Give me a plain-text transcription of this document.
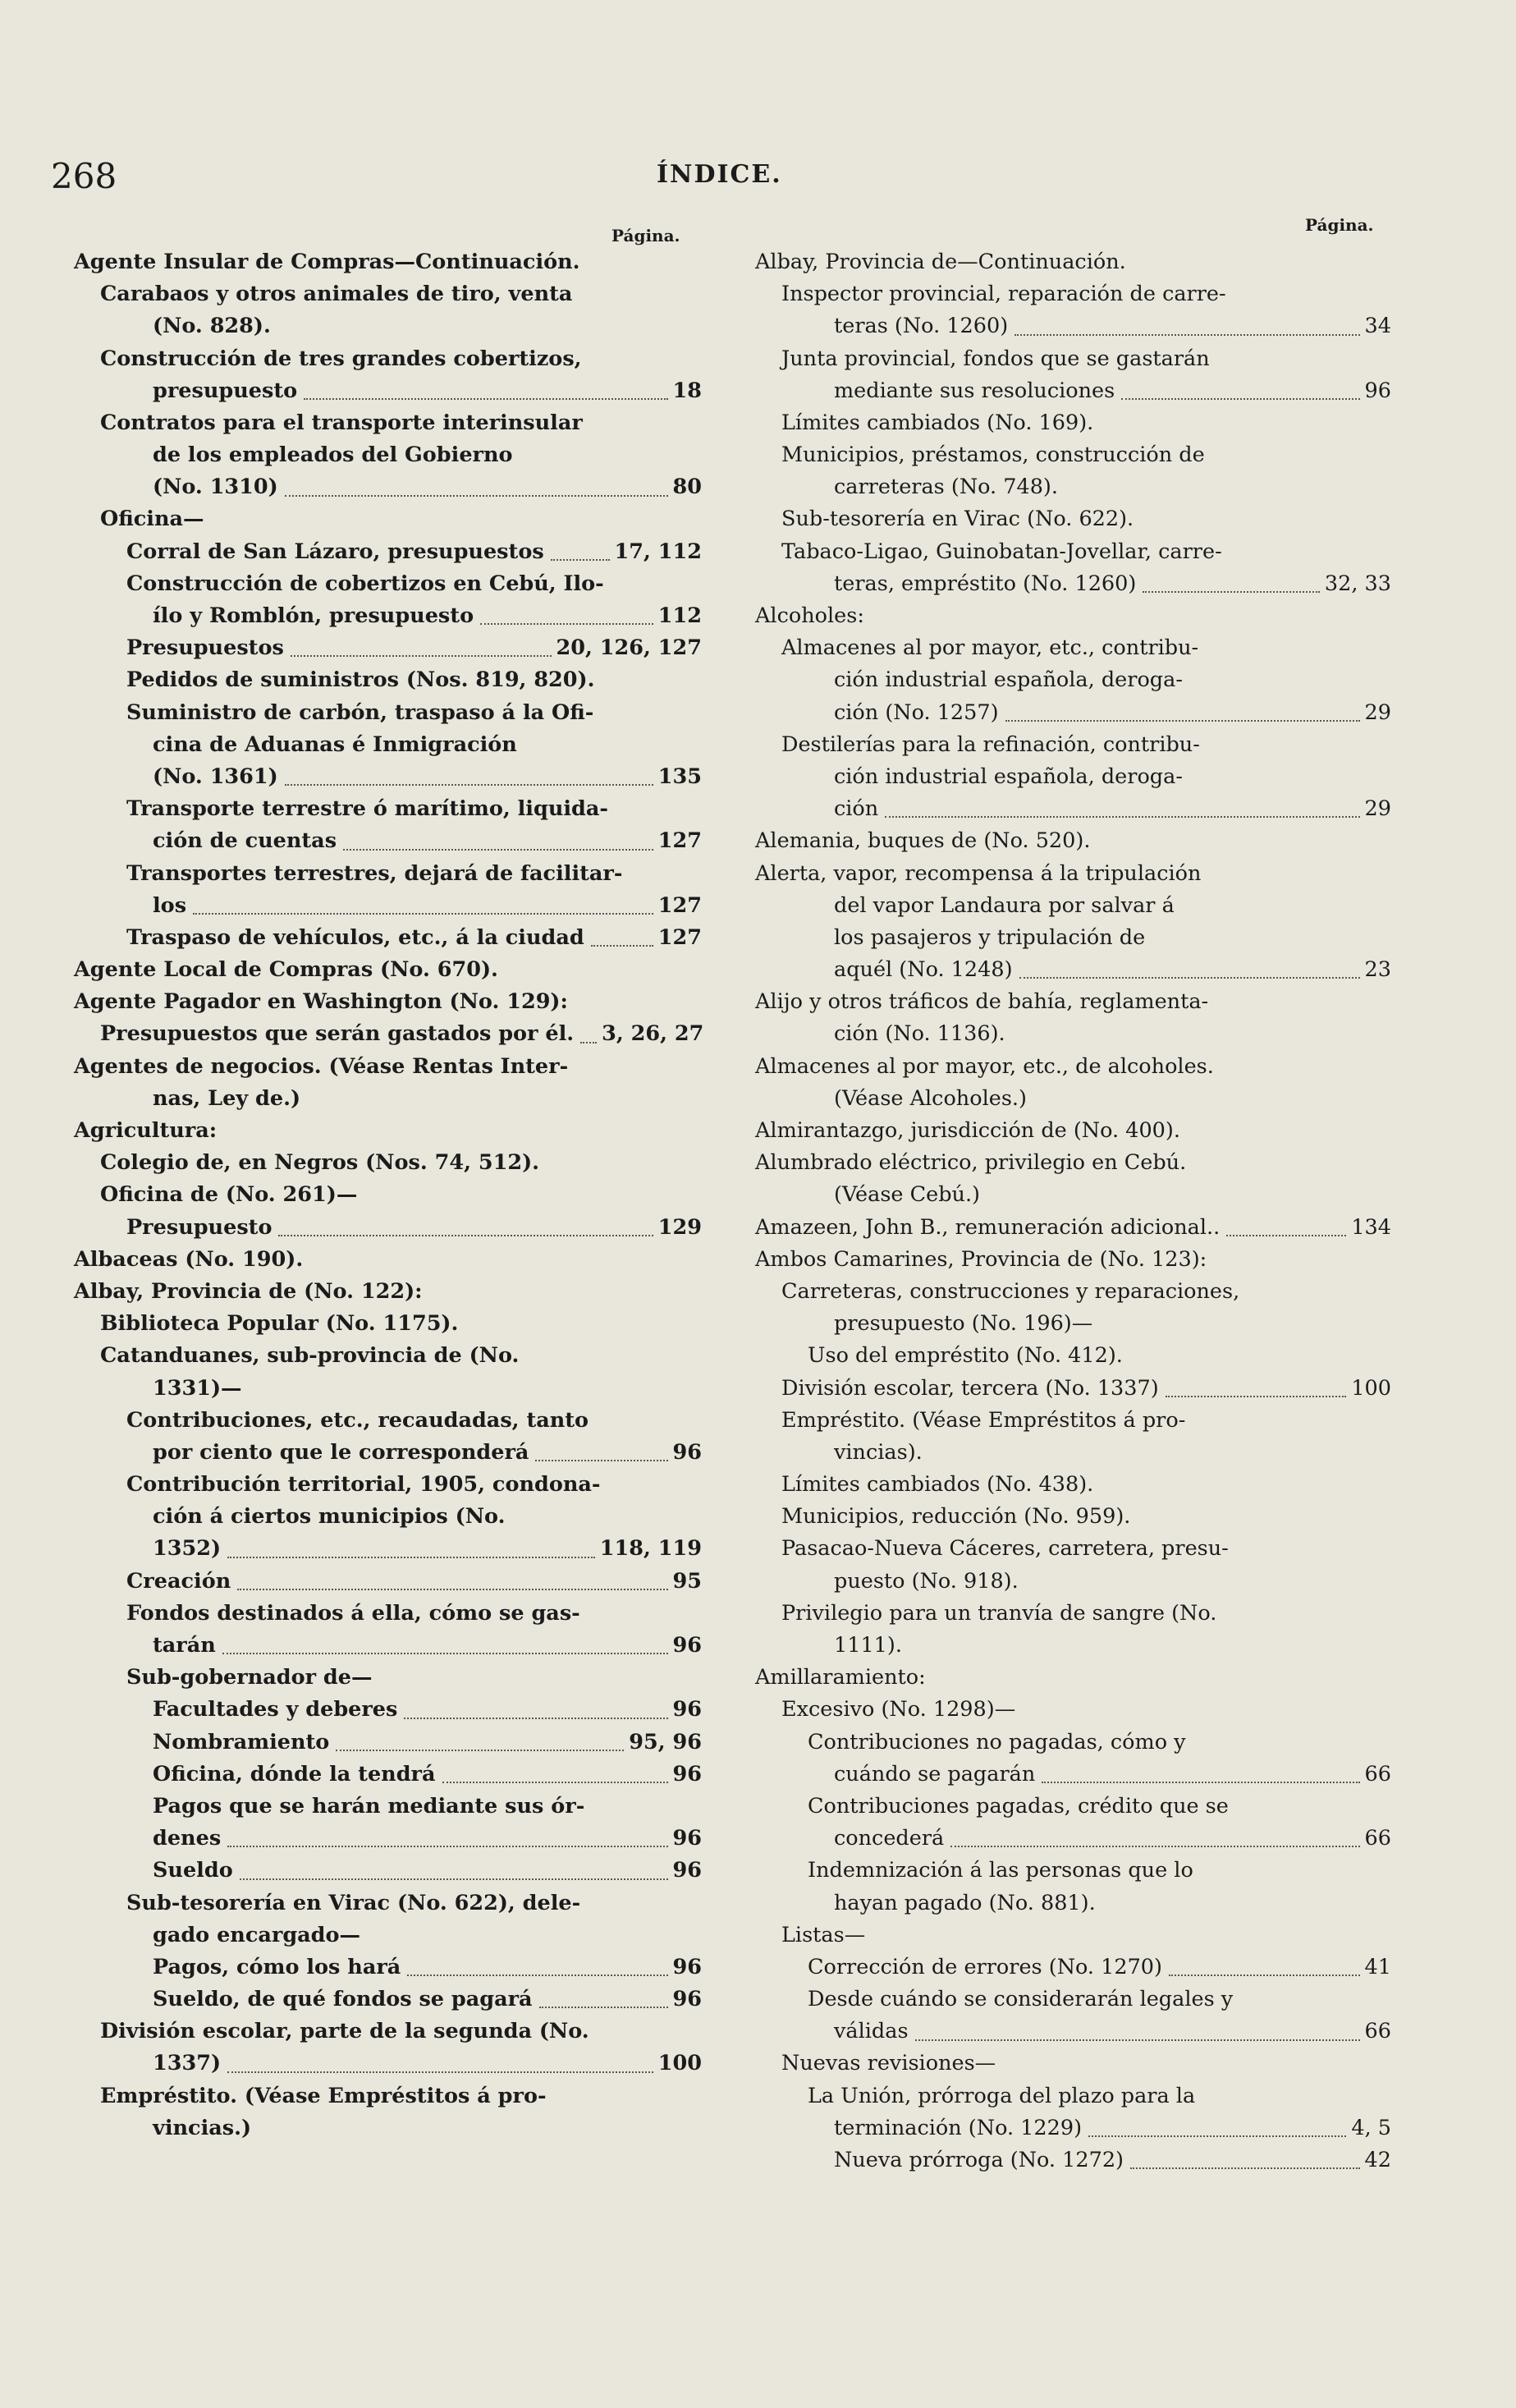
268	ÍNDICE.
Página.
Página.
Agente Insular de Compras—Continuación.
Carabaos y otros animales de tiro, venta
(No. 828).
Construcción de tres grandes cobertizos,
presupuesto	18
Contratos para el transporte interinsular
de los empleados del Gobierno
(No. 1310)	80
Oficina—
Corral de San Lázaro, presupuestos	17, 112
Construcción de cobertizos en Cebú, Ilo-
ílo y Romblón, presupuesto	112
Presupuestos	20, 126, 127
Pedidos de suministros (Nos. 819, 820).
Suministro de carbón, traspaso á la Ofi-
cina de Aduanas é Inmigración
(No. 1361)	135
Transporte terrestre ó marítimo, liquida-
ción de cuentas	127
Transportes terrestres, dejará de facilitar-
los	127
Traspaso de vehículos, etc., á la ciudad	127
Agente Local de Compras (No. 670).
Agente Pagador en Washington (No. 129):
Presupuestos que serán gastados por él. 3, 26, 27
Agentes de negocios. (Véase Rentas Inter-
nas, Ley de.)
Agricultura:
Colegio de, en Negros (Nos. 74, 512).
Oficina de (No. 261)—
Presupuesto	129
Albaceas (No. 190).
Albay, Provincia de (No. 122):
Biblioteca Popular (No. 1175).
Catanduanes, sub-provincia de (No.
1331)—
Contribuciones, etc., recaudadas, tanto
por ciento que le corresponderá	96
Contribución territorial, 1905, condona-
ción á ciertos municipios (No.
1352)	118, 119
Creación	95
Fondos destinados á ella, cómo se gas-
tarán	96
Sub-gobernador de—
Facultades y deberes	96
Nombramiento	95, 96
Oficina, dónde la tendrá	96
Pagos que se harán mediante sus ór-
denes	96
Sueldo	96
Sub-tesorería en Virac (No. 622), dele-
gado encargado—
Pagos, cómo los hará	96
Sueldo, de qué fondos se pagará	96
División escolar, parte de la segunda (No.
1337)	100
Empréstito. (Véase Empréstitos á pro-
vincias.)
Albay, Provincia de—Continuación.
Inspector provincial, reparación de carre-
teras (No. 1260)	34
Junta provincial, fondos que se gastarán
mediante sus resoluciones	96
Límites cambiados (No. 169).
Municipios, préstamos, construcción de
carreteras (No. 748).
Sub-tesorería en Virac (No. 622).
Tabaco-Ligao, Guinobatan-Jovellar, carre-
teras, empréstito (No. 1260)	32, 33
Alcoholes:
Almacenes al por mayor, etc., contribu-
ción industrial española, deroga-
ción (No. 1257)	29
Destilerías para la refinación, contribu-
ción industrial española, deroga-
ción	29
Alemania, buques de (No. 520).
Alerta, vapor, recompensa á la tripulación
del vapor Landaura por salvar á
los pasajeros y tripulación de
aquél (No. 1248)	23
Alijo y otros tráficos de bahía, reglamenta-
ción (No. 1136).
Almacenes al por mayor, etc., de alcoholes.
(Véase Alcoholes.)
Almirantazgo, jurisdicción de (No. 400).
Alumbrado eléctrico, privilegio en Cebú.
(Véase Cebú.)
Amazeen, John B., remuneración adicional..	134
Ambos Camarines, Provincia de (No. 123):
Carreteras, construcciones y reparaciones,
presupuesto (No. 196)—
Uso del empréstito (No. 412).
División escolar, tercera (No. 1337)	100
Empréstito. (Véase Empréstitos á pro-
vincias).
Límites cambiados (No. 438).
Municipios, reducción (No. 959).
Pasacao-Nueva Cáceres, carretera, presu-
puesto (No. 918).
Privilegio para un tranvía de sangre (No.
1111).
Amillaramiento:
Excesivo (No. 1298)—
Contribuciones no pagadas, cómo y
cuándo se pagarán	66
Contribuciones pagadas, crédito que se
concederá	66
Indemnización á las personas que lo
hayan pagado (No. 881).
Listas—
Corrección de errores (No. 1270)	41
Desde cuándo se considerarán legales y
válidas	66
Nuevas revisiones—
La Unión, prórroga del plazo para la
terminación (No. 1229)	4, 5
Nueva prórroga (No. 1272)	42
